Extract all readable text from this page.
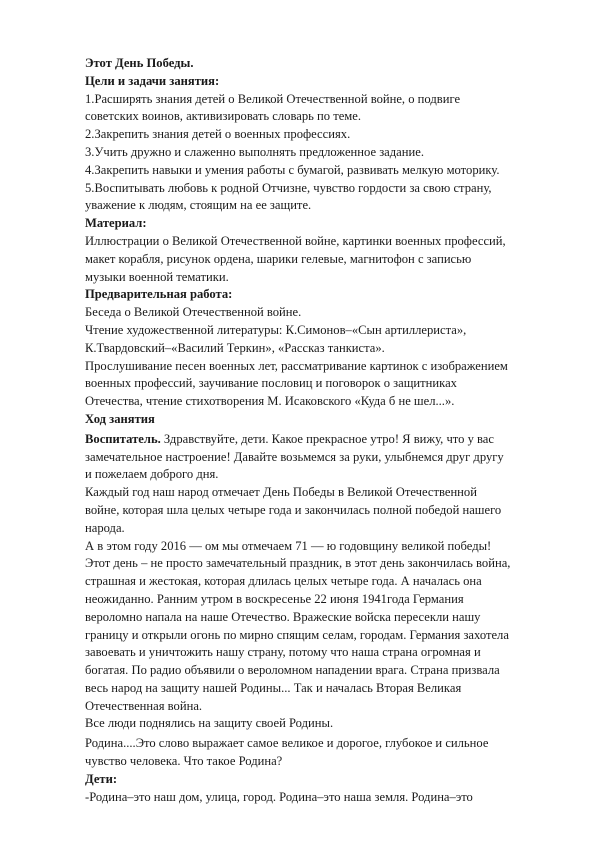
Этот День Победы.

Цели и задачи занятия:

1.Расширять знания детей о Великой Отечественной войне, о подвиге

советских воинов, активизировать словарь по теме.

2.Закрепить знания детей о военных профессиях.

3.Учить дружно и слаженно выполнять предложенное задание.

4.Закрепить навыки и умения работы с бумагой, развивать мелкую моторику.

5.Воспитывать любовь к родной Отчизне, чувство гордости за свою страну,

уважение к людям, стоящим на ее защите.

Материал:

Иллюстрации о Великой Отечественной войне, картинки военных профессий,

макет корабля, рисунок ордена, шарики гелевые, магнитофон с записью

музыки военной тематики.

Предварительная работа:

Беседа о Великой Отечественной войне.

Чтение художественной литературы: К.Симонов–«Сын артиллериста»,

К.Твардовский–«Василий Теркин», «Рассказ танкиста».

Прослушивание песен военных лет, рассматривание картинок с изображением

военных профессий, заучивание пословиц и поговорок о защитниках

Отечества, чтение стихотворения М. Исаковского «Куда б не шел...».

Ход занятия

Воспитатель. Здравствуйте, дети. Какое прекрасное утро! Я вижу, что у вас

замечательное настроение! Давайте возьмемся за руки, улыбнемся друг другу

и пожелаем доброго дня.

Каждый год наш народ отмечает День Победы в Великой Отечественной

войне, которая шла целых четыре года и закончилась полной победой нашего

народа.

А в этом году 2016 — ом мы отмечаем 71 — ю годовщину великой победы!

Этот день – не просто замечательный праздник, в этот день закончилась война,

страшная и жестокая, которая длилась целых четыре года. А началась она

неожиданно. Ранним утром в воскресенье 22 июня 1941года Германия

вероломно напала на наше Отечество. Вражеские войска пересекли нашу

границу и открыли огонь по мирно спящим селам, городам. Германия захотела

завоевать и уничтожить нашу страну, потому что наша страна огромная и

богатая. По радио объявили о вероломном нападении врага. Страна призвала

весь народ на защиту нашей Родины... Так и началась Вторая Великая

Отечественная война.

Все люди поднялись на защиту своей Родины.

Родина....Это слово выражает самое великое и дорогое, глубокое и сильное

чувство человека. Что такое Родина?

Дети:

-Родина–это наш дом, улица, город. Родина–это наша земля. Родина–это
